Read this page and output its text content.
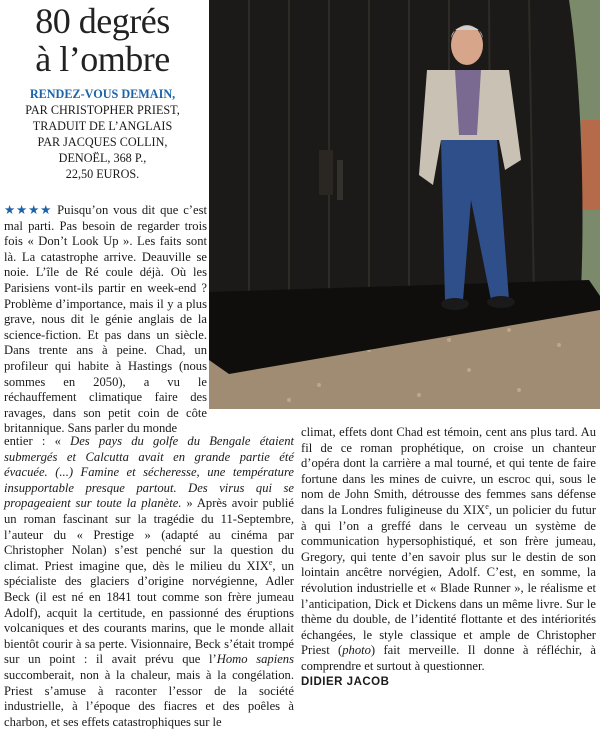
80 degrés
à l’ombre
RENDEZ-VOUS DEMAIN,
PAR CHRISTOPHER PRIEST,
TRADUIT DE L’ANGLAIS
PAR JACQUES COLLIN,
DENOËL, 368 P.,
22,50 EUROS.

★★★★ Puisqu’on vous dit que c’est mal parti. Pas besoin de regarder trois fois « Don’t Look Up ». Les faits sont là. La catastrophe arrive. Deauville se noie. L’île de Ré coule déjà. Où les Parisiens vont-ils partir en week-end ? Problème d’importance, mais il y a plus grave, nous dit le génie anglais de la science-fiction. Et pas dans un siècle. Dans trente ans à peine. Chad, un profileur qui habite à Hastings (nous sommes en 2050), a vu le réchauffement climatique faire des ravages, dans son petit coin de côte britannique. Sans parler du monde

entier : « Des pays du golfe du Bengale étaient submergés et Calcutta avait en grande partie été évacuée. (...) Famine et sécheresse, une température insupportable presque partout. Des virus qui se propageaient sur toute la planète. » Après avoir publié un roman fascinant sur la tragédie du 11-Septembre, l’auteur du « Prestige » (adapté au cinéma par Christopher Nolan) s’est penché sur la question du climat. Priest imagine que, dès le milieu du XIXe, un spécialiste des glaciers d’origine norvégienne, Adler Beck (il est né en 1841 tout comme son frère jumeau Adolf), acquit la certitude, en passionné des éruptions volcaniques et des courants marins, que le monde allait bientôt courir à sa perte. Visionnaire, Beck s’était trompé sur un point : il avait prévu que l’Homo sapiens succomberait, non à la chaleur, mais à la congélation. Priest s’amuse à raconter l’essor de la société industrielle, à l’époque des fiacres et des poêles à charbon, et ses effets catastrophiques sur le

climat, effets dont Chad est témoin, cent ans plus tard. Au fil de ce roman prophétique, on croise un chanteur d’opéra dont la carrière a mal tourné, et qui tente de faire fortune dans les mines de cuivre, un escroc qui, sous le nom de John Smith, détrousse des femmes sans défense dans la Londres fuligineuse du XIXe, un policier du futur à qui l’on a greffé dans le cerveau un système de communication hypersophistiqué, et son frère jumeau, Gregory, qui tente d’en savoir plus sur le destin de son lointain ancêtre norvégien, Adolf. C’est, en somme, la révolution industrielle et « Blade Runner », le réalisme et l’anticipation, Dick et Dickens dans un même livre. Sur le thème du double, de l’identité flottante et des intériorités échangées, le style classique et ample de Christopher Priest (photo) fait merveille. Il donne à réfléchir, à comprendre et surtout à questionner.

DIDIER JACOB
